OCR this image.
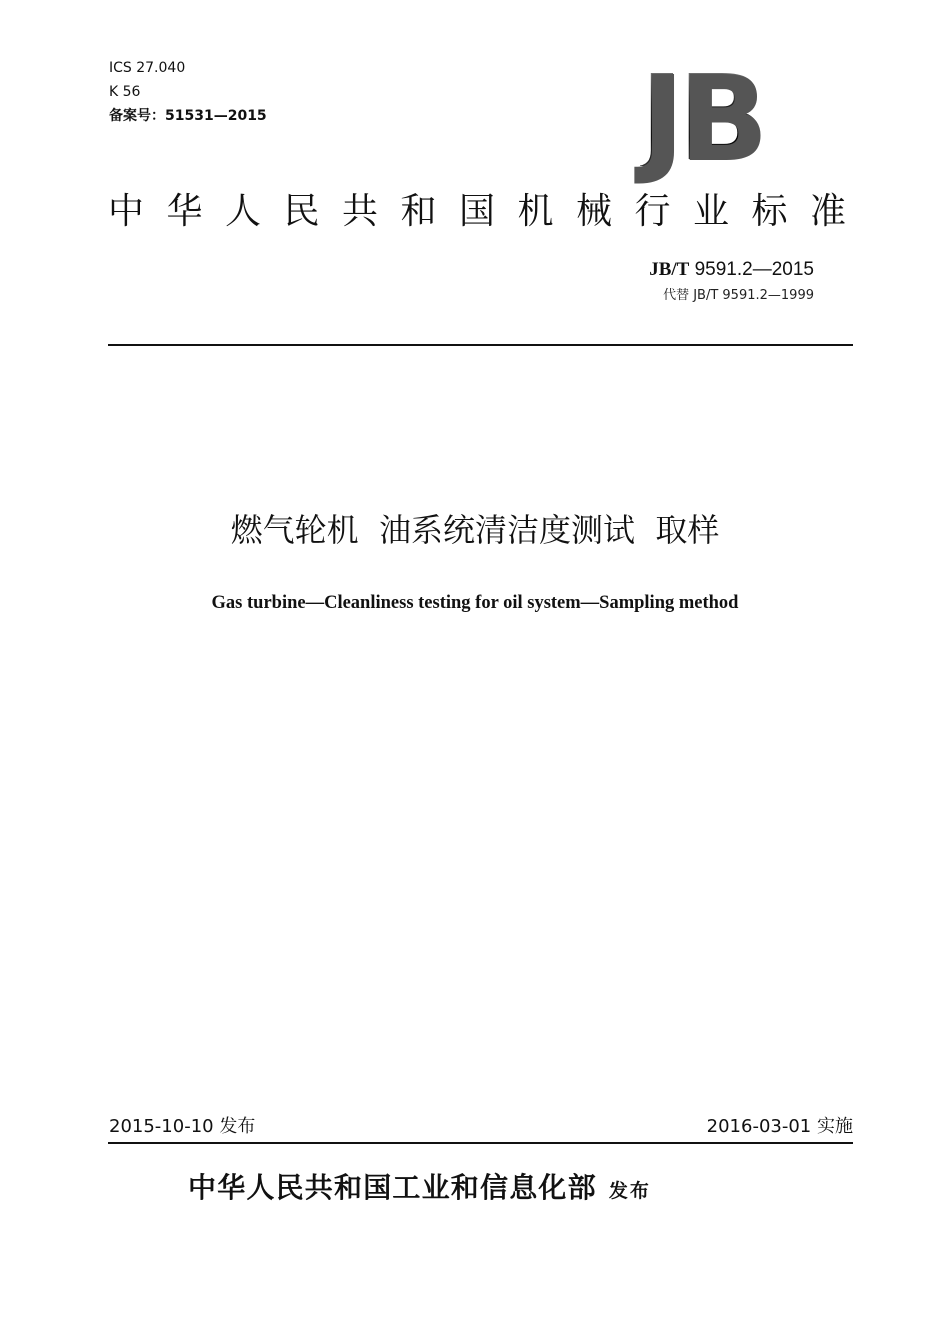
ICS 27.040
K 56
备案号：51531—2015	JB
中华人民共和国机械行业标准
JB/T 9591.2—2015
代替 JB/T 9591.2—1999
燃气轮机  油系统清洁度测试  取样
Gas turbine—Cleanliness testing for oil system—Sampling method
2015-10-10 发布	2016-03-01 实施
中华人民共和国工业和信息化部 发布
